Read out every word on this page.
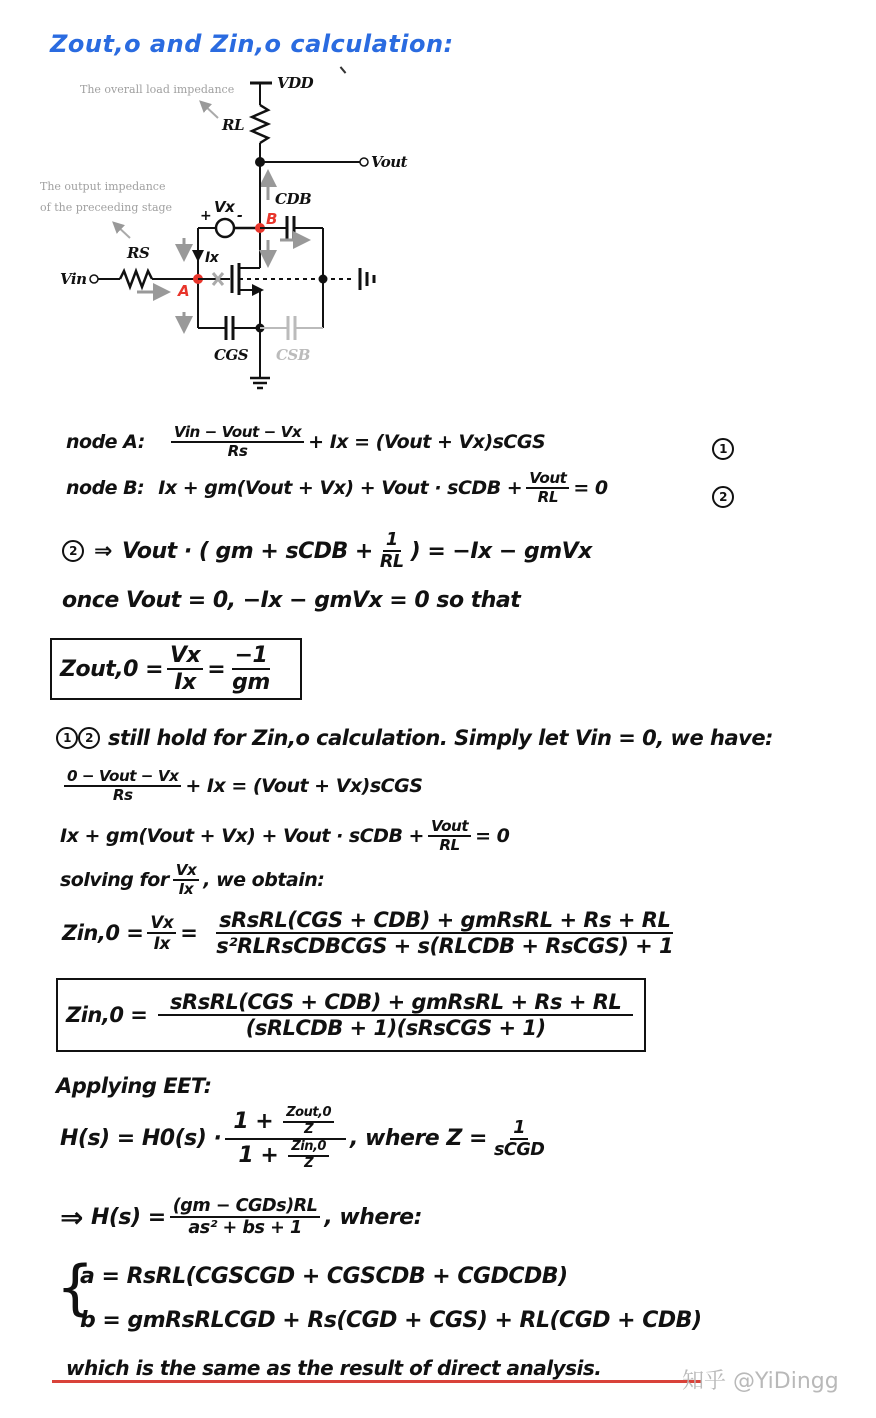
Zout,o and Zin,o calculation:
The overall load impedance
The output impedance
of the preceeding stage
VDD
RL
Vout
CDB
+ Vx - B
Ix
RS
Vin
A
CGS CSB
node A: $\frac{\text{Vin − Vout − Vx}}{Rs} + Ix$ = (Vout + Vx)sCGS	1
node B: Ix + gm(Vout + Vx) + Vout · sCDB + $\frac{\text{Vout}}{RL} = 0$	2
2 ⇒ Vout · ( gm + sCDB + $\frac{1}{RL}$ ) = −Ix − gmVx
once Vout = 0, −Ix − gmVx = 0 so that
Zout,0 = $\frac{Vx}{Ix} = \frac{-1}{gm}$
1	2 still hold for Zin,o calculation. Simply let Vin = 0, we have:
$\frac{\text{0 − Vout − Vx}}{Rs} + Ix$ = (Vout + Vx)sCGS
Ix + gm(Vout + Vx) + Vout · sCDB + $\frac{\text{Vout}}{RL} = 0$
solving for $\frac{Vx}{Ix}$ , we obtain:
$Zin,0 = \frac{Vx}{Ix} = \frac{\text{sRsRL(CGS + CDB) + gmRsRL + Rs + RL}}{\text{s²RLRsCDBCGS + s(RLCDB + RsCGS) + 1}}$
$Zin,0 = \frac{\text{sRsRL(CGS + CDB) + gmRsRL + Rs + RL}}{\text{(sRLCDB + 1)(sRsCGS + 1)}}$
Applying EET:
$H(s) = H0(s) \cdot \frac{1 + \frac{\text{Zout,0}}{Z}}{1 + \frac{\text{Zin,0}}{Z}}$ , where $Z = \frac{1}{\text{sCGD}}$
⇒ $H(s) = \frac{\text{(gm − CGDs)RL}}{\text{as² + bs + 1}}$ , where:
{
a = RsRL(CGSCGD + CGSCDB + CGDCDB)
b = gmRsRLCGD + Rs(CGD + CGS) + RL(CGD + CDB)
which is the same as the result of direct analysis.
知乎 @YiDingg
